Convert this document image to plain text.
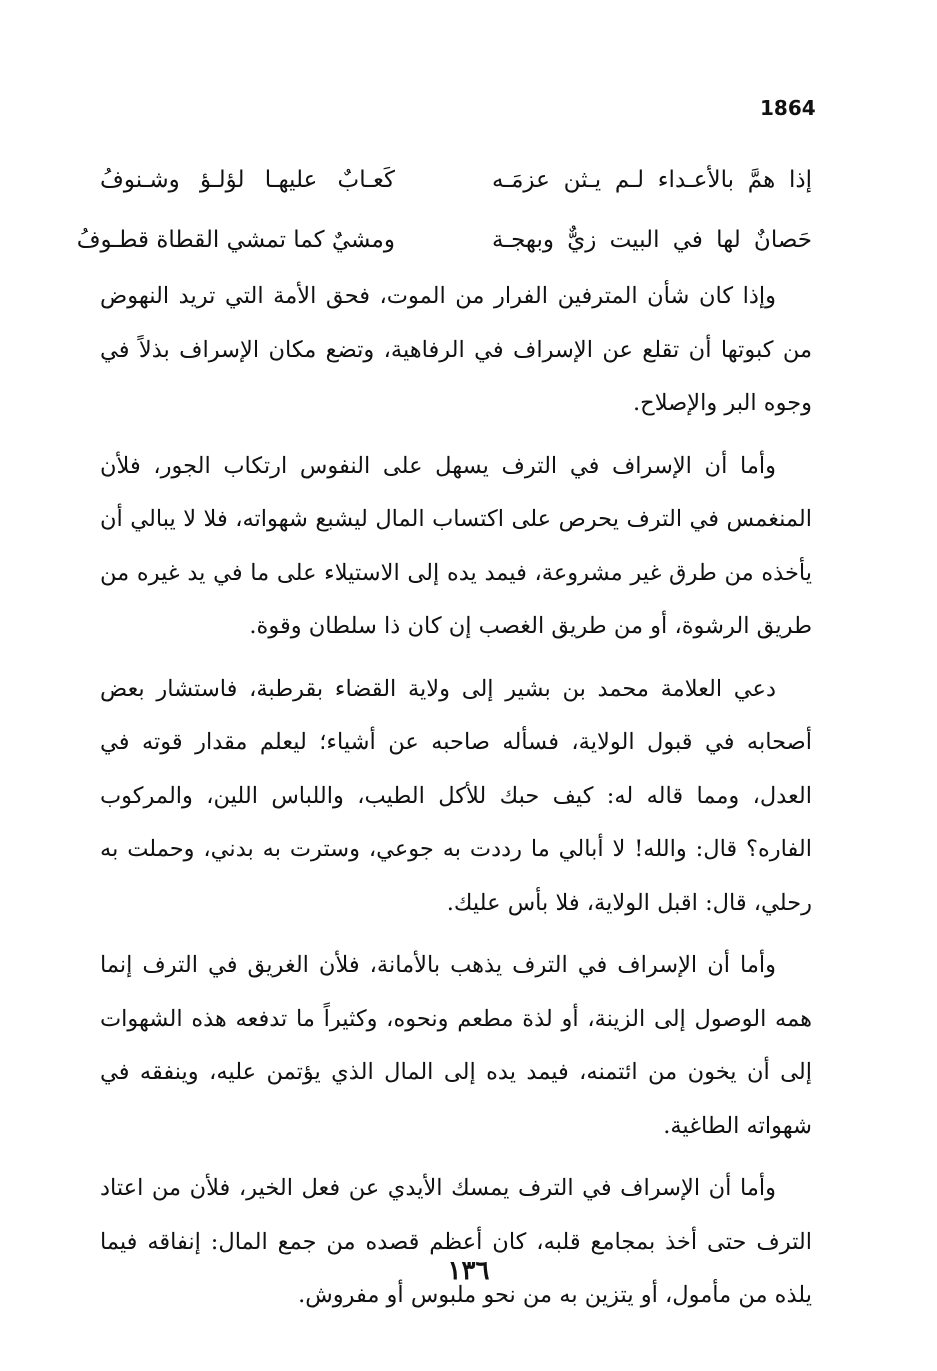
1864
إذا همَّ بالأعـداء لـم يـثن عزمَـه
كَعـابٌ عليهـا لؤلـؤ وشـنوفُ
حَصانٌ لها في البيت زيٌّ وبهجـة
ومشيٌ كما تمشي القطاة قطـوفُ

وإذا كان شأن المترفين الفرار من الموت، فحق الأمة التي تريد النهوض من كبوتها أن تقلع عن الإسراف في الرفاهية، وتضع مكان الإسراف بذلاً في وجوه البر والإصلاح.

وأما أن الإسراف في الترف يسهل على النفوس ارتكاب الجور، فلأن المنغمس في الترف يحرص على اكتساب المال ليشبع شهواته، فلا لا يبالي أن يأخذه من طرق غير مشروعة، فيمد يده إلى الاستيلاء على ما في يد غيره من طريق الرشوة، أو من طريق الغصب إن كان ذا سلطان وقوة.

دعي العلامة محمد بن بشير إلى ولاية القضاء بقرطبة، فاستشار بعض أصحابه في قبول الولاية، فسأله صاحبه عن أشياء؛ ليعلم مقدار قوته في العدل، ومما قاله له: كيف حبك للأكل الطيب، واللباس اللين، والمركوب الفاره؟ قال: والله! لا أبالي ما رددت به جوعي، وسترت به بدني، وحملت به رحلي، قال: اقبل الولاية، فلا بأس عليك.

وأما أن الإسراف في الترف يذهب بالأمانة، فلأن الغريق في الترف إنما همه الوصول إلى الزينة، أو لذة مطعم ونحوه، وكثيراً ما تدفعه هذه الشهوات إلى أن يخون من ائتمنه، فيمد يده إلى المال الذي يؤتمن عليه، وينفقه في شهواته الطاغية.

وأما أن الإسراف في الترف يمسك الأيدي عن فعل الخير، فلأن من اعتاد الترف حتى أخذ بمجامع قلبه، كان أعظم قصده من جمع المال: إنفاقه فيما يلذه من مأمول، أو يتزين به من نحو ملبوس أو مفروش.

١٣٦
